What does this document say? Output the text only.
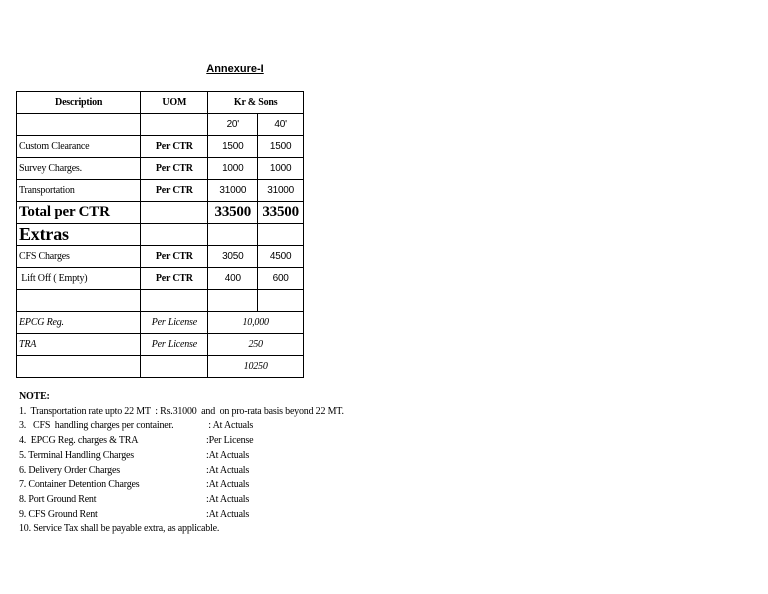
Annexure-I
Description	UOM	Kr & Sons	
		20'	40'
Custom Clearance	Per CTR	1500	1500
Survey Charges.	Per CTR	1000	1000
Transportation	Per CTR	31000	31000
Total per CTR		33500	33500
Extras			
CFS Charges	Per CTR	3050	4500
Lift Off ( Empty)	Per CTR	400	600

EPCG Reg.	Per License	10,000	
TRA	Per License	250	
		10250	
NOTE:
1.  Transportation rate upto 22 MT  : Rs.31000  and  on pro-rata basis beyond 22 MT.
3.   CFS  handling charges per container.	: At Actuals
4.  EPCG Reg. charges & TRA	:Per License
5. Terminal Handling Charges	:At Actuals
6. Delivery Order Charges	:At Actuals
7. Container Detention Charges	:At Actuals
8. Port Ground Rent	:At Actuals
9. CFS Ground Rent	:At Actuals
10. Service Tax shall be payable extra, as applicable.
